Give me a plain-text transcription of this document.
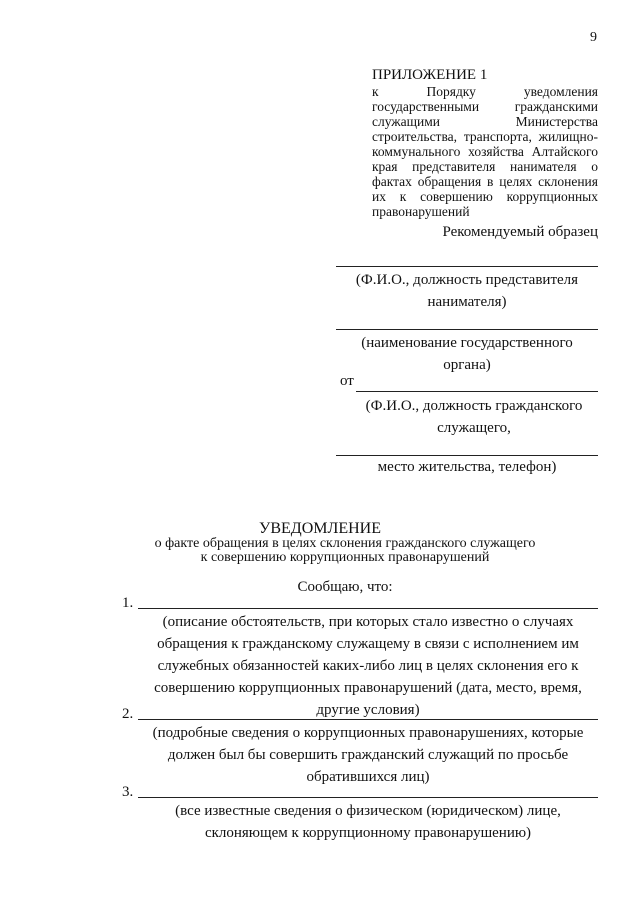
9
ПРИЛОЖЕНИЕ 1
к Порядку уведомления государственными гражданскими служащими Министерства строительства, транспорта, жилищно-коммунального хозяйства Алтайского края представителя нанимателя о фактах обращения в целях склонения их к совершению коррупционных правонарушений
Рекомендуемый образец
(Ф.И.О., должность представителя нанимателя)
(наименование государственного органа)
от
(Ф.И.О., должность гражданского служащего,
место жительства, телефон)
УВЕДОМЛЕНИЕ
о факте обращения в целях склонения гражданского служащего
к совершению коррупционных правонарушений
Сообщаю, что:
1.
(описание обстоятельств, при которых стало известно о случаях обращения к гражданскому служащему в связи с исполнением им служебных обязанностей каких-либо лиц в целях склонения его к совершению коррупционных правонарушений (дата, место, время, другие условия)
2.
(подробные сведения о коррупционных правонарушениях, которые должен был бы совершить гражданский служащий по просьбе обратившихся лиц)
3.
(все известные сведения о физическом (юридическом) лице, склоняющем к коррупционному правонарушению)
